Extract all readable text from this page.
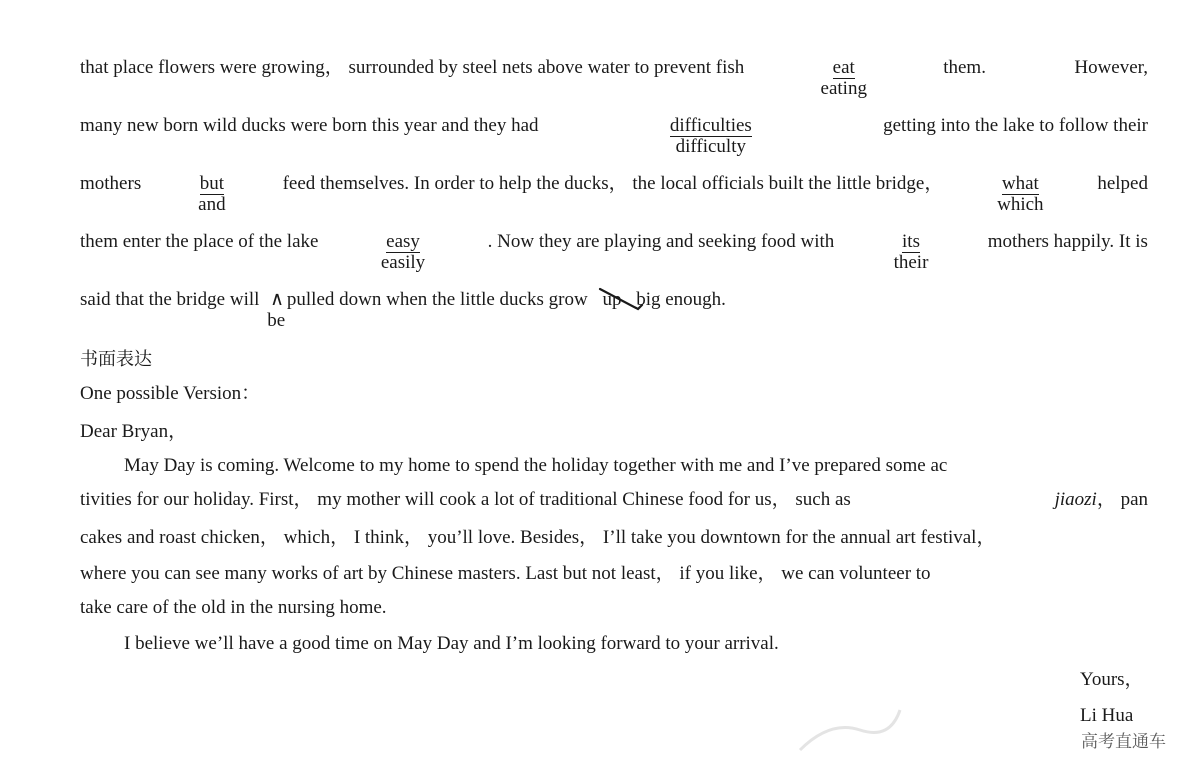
that place flowers were growing， surrounded by steel nets above water to prevent fish	eat
eating
them.	However,
many new born wild ducks were born this year and they had	difficulties
difficulty
getting into the lake to follow their
mothers	but
and
feed themselves. In order to help the ducks， the local officials built the little bridge，	what
which
helped
them enter the place of the lake	easy
easily
. Now they are playing and seeking food with	its
their
mothers happily. It is
said that the bridge will ∧
be
pulled down when the little ducks grow up big enough.
书面表达
One possible Version：
Dear Bryan，
May Day is coming. Welcome to my home to spend the holiday together with me and I’ve prepared some ac
tivities for our holiday. First， my mother will cook a lot of traditional Chinese food for us， such as	jiaozi， pan
cakes and roast chicken， which， I think， you’ll love. Besides， I’ll take you downtown for the annual art festival，
where you can see many works of art by Chinese masters. Last but not least， if you like， we can volunteer to
take care of the old in the nursing home.
I believe we’ll have a good time on May Day and I’m looking forward to your arrival.
Yours，
Li Hua
高考直通车
